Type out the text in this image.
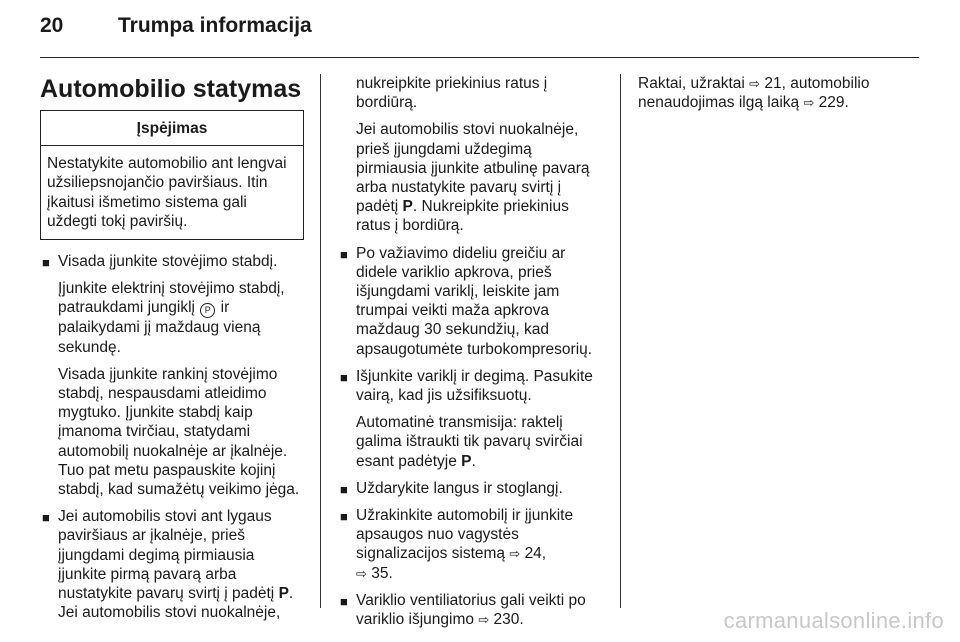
20	Trumpa informacija
Automobilio statymas
Įspėjimas
Nestatykite automobilio ant lengvai užsiliepsnojančio paviršiaus. Itin įkaitusi išmetimo sistema gali uždegti tokį paviršių.
■ Visada įjunkite stovėjimo stabdį.
Įjunkite elektrinį stovėjimo stabdį, patraukdami jungiklį P ir palaikydami jį maždaug vieną sekundę.
Visada įjunkite rankinį stovėjimo stabdį, nespausdami atleidimo mygtuko. Įjunkite stabdį kaip įmanoma tvirčiau, statydami automobilį nuokalnėje ar įkalnėje. Tuo pat metu paspauskite kojinį stabdį, kad sumažėtų veikimo jėga.
■ Jei automobilis stovi ant lygaus paviršiaus ar įkalnėje, prieš įjungdami degimą pirmiausia įjunkite pirmą pavarą arba nustatykite pavarų svirtį į padėtį P. Jei automobilis stovi nuokalnėje,
nukreipkite priekinius ratus į bordiūrą.
Jei automobilis stovi nuokalnėje, prieš įjungdami uždegimą pirmiausia įjunkite atbulinę pavarą arba nustatykite pavarų svirtį į padėtį P. Nukreipkite priekinius ratus į bordiūrą.
■ Po važiavimo dideliu greičiu ar didele variklio apkrova, prieš išjungdami variklį, leiskite jam trumpai veikti maža apkrova maždaug 30 sekundžių, kad apsaugotumėte turbokompresorių.
■ Išjunkite variklį ir degimą. Pasukite vairą, kad jis užsifiksuotų.
Automatinė transmisija: raktelį galima ištraukti tik pavarų svirčiai esant padėtyje P.
■ Uždarykite langus ir stoglangį.
■ Užrakinkite automobilį ir įjunkite apsaugos nuo vagystės signalizacijos sistemą ⇨ 24,
⇨ 35.
■ Variklio ventiliatorius gali veikti po variklio išjungimo ⇨ 230.

Raktai, užraktai ⇨ 21, automobilio nenaudojimas ilgą laiką ⇨ 229.

carmanualsonline.info
